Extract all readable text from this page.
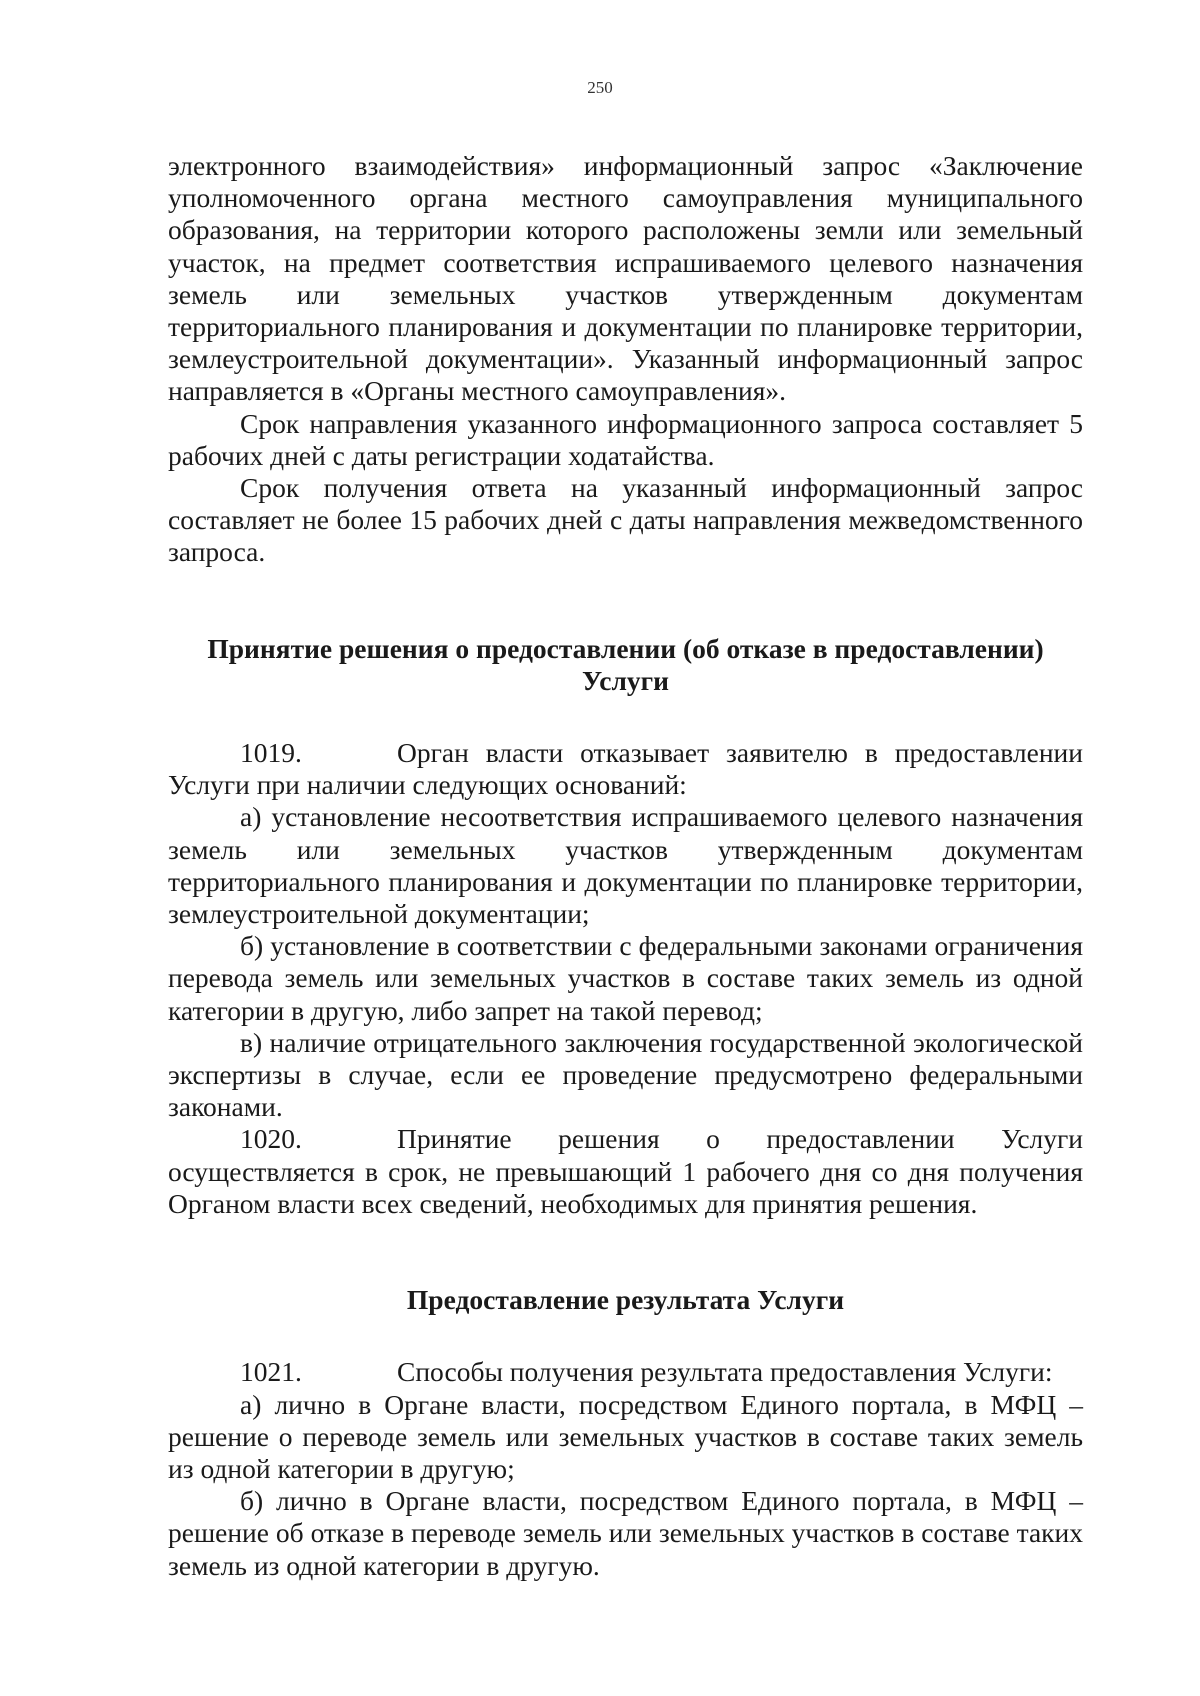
250

электронного взаимодействия» информационный запрос «Заключение уполномоченного органа местного самоуправления муниципального образования, на территории которого расположены земли или земельный участок, на предмет соответствия испрашиваемого целевого назначения земель или земельных участков утвержденным документам территориального планирования и документации по планировке территории, землеустроительной документации». Указанный информационный запрос направляется в «Органы местного самоуправления».

Срок направления указанного информационного запроса составляет 5 рабочих дней с даты регистрации ходатайства.

Срок получения ответа на указанный информационный запрос составляет не более 15 рабочих дней с даты направления межведомственного запроса.

Принятие решения о предоставлении (об отказе в предоставлении) Услуги

1019.	Орган власти отказывает заявителю в предоставлении Услуги при наличии следующих оснований:

а) установление несоответствия испрашиваемого целевого назначения земель или земельных участков утвержденным документам территориального планирования и документации по планировке территории, землеустроительной документации;

б) установление в соответствии с федеральными законами ограничения перевода земель или земельных участков в составе таких земель из одной категории в другую, либо запрет на такой перевод;

в) наличие отрицательного заключения государственной экологической экспертизы в случае, если ее проведение предусмотрено федеральными законами.

1020.	Принятие решения о предоставлении Услуги осуществляется в срок, не превышающий 1 рабочего дня со дня получения Органом власти всех сведений, необходимых для принятия решения.

Предоставление результата Услуги

1021.	Способы получения результата предоставления Услуги:

а) лично в Органе власти, посредством Единого портала, в МФЦ – решение о переводе земель или земельных участков в составе таких земель из одной категории в другую;

б) лично в Органе власти, посредством Единого портала, в МФЦ – решение об отказе в переводе земель или земельных участков в составе таких земель из одной категории в другую.
